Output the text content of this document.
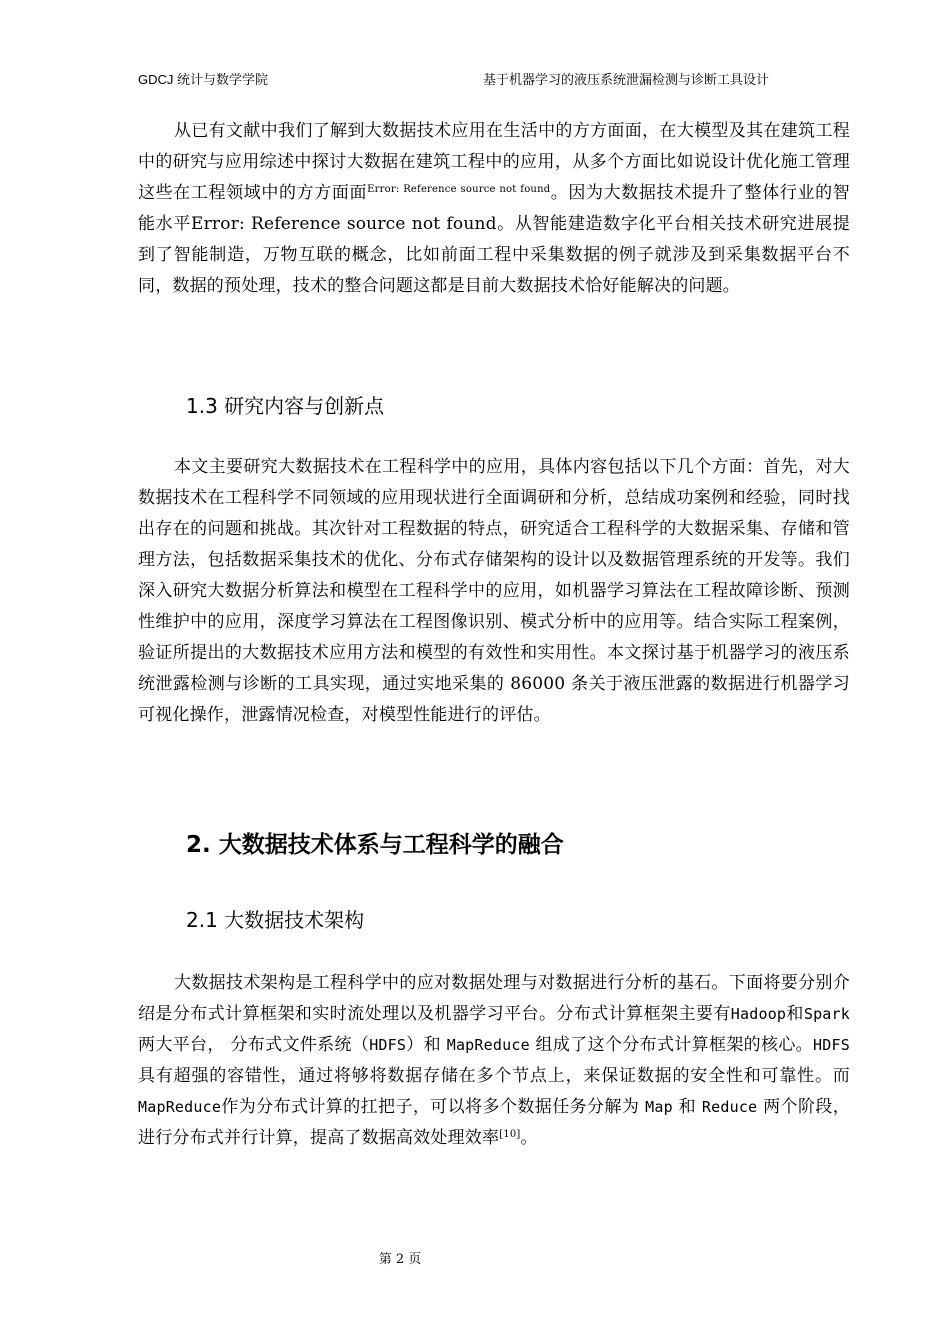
GDCJ 统计与数学学院	基于机器学习的液压系统泄漏检测与诊断工具设计

从已有文献中我们了解到大数据技术应用在生活中的方方面面，在大模型及其在建筑工程中的研究与应用综述中探讨大数据在建筑工程中的应用，从多个方面比如说设计优化施工管理这些在工程领域中的方方面面$^{Error: Reference source not found}$。因为大数据技术提升了整体行业的智能水平Error: Reference source not found。从智能建造数字化平台相关技术研究进展提到了智能制造，万物互联的概念，比如前面工程中采集数据的例子就涉及到采集数据平台不同，数据的预处理，技术的整合问题这都是目前大数据技术恰好能解决的问题。

1.3 研究内容与创新点

本文主要研究大数据技术在工程科学中的应用，具体内容包括以下几个方面：首先，对大数据技术在工程科学不同领域的应用现状进行全面调研和分析，总结成功案例和经验，同时找出存在的问题和挑战。其次针对工程数据的特点，研究适合工程科学的大数据采集、存储和管理方法，包括数据采集技术的优化、分布式存储架构的设计以及数据管理系统的开发等。我们深入研究大数据分析算法和模型在工程科学中的应用，如机器学习算法在工程故障诊断、预测性维护中的应用，深度学习算法在工程图像识别、模式分析中的应用等。结合实际工程案例，验证所提出的大数据技术应用方法和模型的有效性和实用性。本文探讨基于机器学习的液压系统泄露检测与诊断的工具实现，通过实地采集的 86000 条关于液压泄露的数据进行机器学习可视化操作，泄露情况检查，对模型性能进行的评估。

2. 大数据技术体系与工程科学的融合
2.1 大数据技术架构

大数据技术架构是工程科学中的应对数据处理与对数据进行分析的基石。下面将要分别介绍是分布式计算框架和实时流处理以及机器学习平台。分布式计算框架主要有Hadoop和Spark两大平台， 分布式文件系统（HDFS）和 MapReduce 组成了这个分布式计算框架的核心。HDFS 具有超强的容错性，通过将够将数据存储在多个节点上，来保证数据的安全性和可靠性。而MapReduce作为分布式计算的扛把子，可以将多个数据任务分解为 Map 和 Reduce 两个阶段，进行分布式并行计算，提高了数据高效处理效率[10]。

第 2 页
